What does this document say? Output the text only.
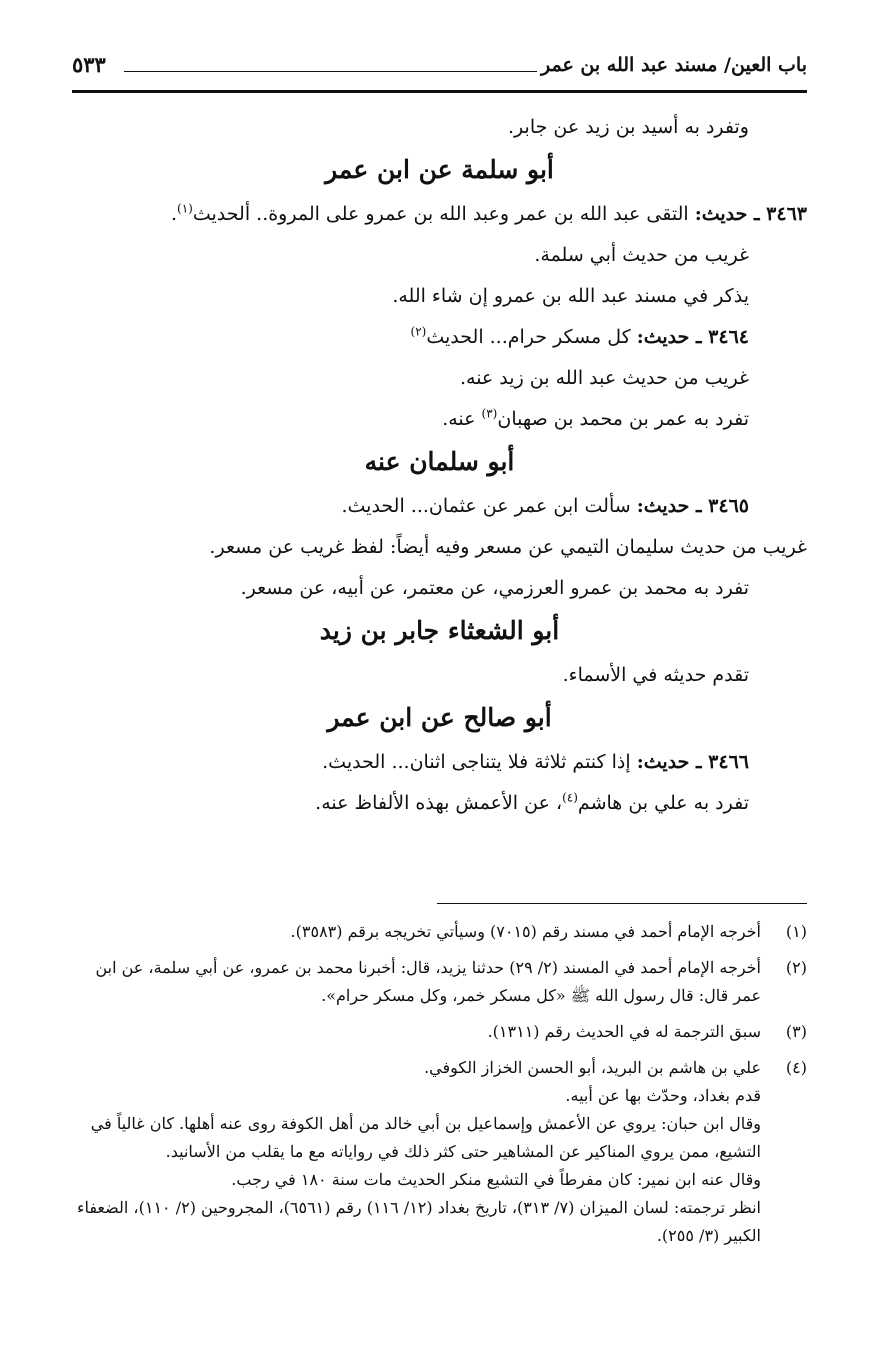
باب العين/ مسند عبد الله بن عمر
٥٣٣
وتفرد به أسيد بن زيد عن جابر.
أبو سلمة عن ابن عمر
٣٤٦٣ ـ حديث: التقى عبد الله بن عمر وعبد الله بن عمرو على المروة.. ألحديث$^{(١)}$.
غريب من حديث أبي سلمة.
يذكر في مسند عبد الله بن عمرو إن شاء الله.
٣٤٦٤ ـ حديث: كل مسكر حرام... الحديث$^{(٢)}$
غريب من حديث عبد الله بن زيد عنه.
تفرد به عمر بن محمد بن صهبان$^{(٣)}$ عنه.
أبو سلمان عنه
٣٤٦٥ ـ حديث: سألت ابن عمر عن عثمان... الحديث.
غريب من حديث سليمان التيمي عن مسعر وفيه أيضاً: لفظ غريب عن مسعر.
تفرد به محمد بن عمرو العرزمي، عن معتمر، عن أبيه، عن مسعر.
أبو الشعثاء جابر بن زيد
تقدم حديثه في الأسماء.
أبو صالح عن ابن عمر
٣٤٦٦ ـ حديث: إذا كنتم ثلاثة فلا يتناجى اثنان... الحديث.
تفرد به علي بن هاشم$^{(٤)}$، عن الأعمش بهذه الألفاظ عنه.
(١)
أخرجه الإمام أحمد في مسند رقم (٧٠١٥) وسيأتي تخريجه برقم (٣٥٨٣).
(٢)
أخرجه الإمام أحمد في المسند (٢/ ٢٩) حدثنا يزيد، قال: أخبرنا محمد بن عمرو، عن أبي سلمة، عن ابن عمر قال: قال رسول الله ﷺ «كل مسكر خمر، وكل مسكر حرام».
(٣)
سبق الترجمة له في الحديث رقم (١٣١١).
(٤)
علي بن هاشم بن البريد، أبو الحسن الخزاز الكوفي.
قدم بغداد، وحدّث بها عن أبيه.
وقال ابن حبان: يروي عن الأعمش وإسماعيل بن أبي خالد من أهل الكوفة روى عنه أهلها. كان غالياً في التشيع، ممن يروي المناكير عن المشاهير حتى كثر ذلك في رواياته مع ما يقلب من الأسانيد.
وقال عنه ابن نمير: كان مفرطاً في التشيع منكر الحديث مات سنة ١٨٠ في رجب.
انظر ترجمته: لسان الميزان (٧/ ٣١٣)، تاريخ بغداد (١٢/ ١١٦) رقم (٦٥٦١)، المجروحين (٢/ ١١٠)، الضعفاء الكبير (٣/ ٢٥٥).
